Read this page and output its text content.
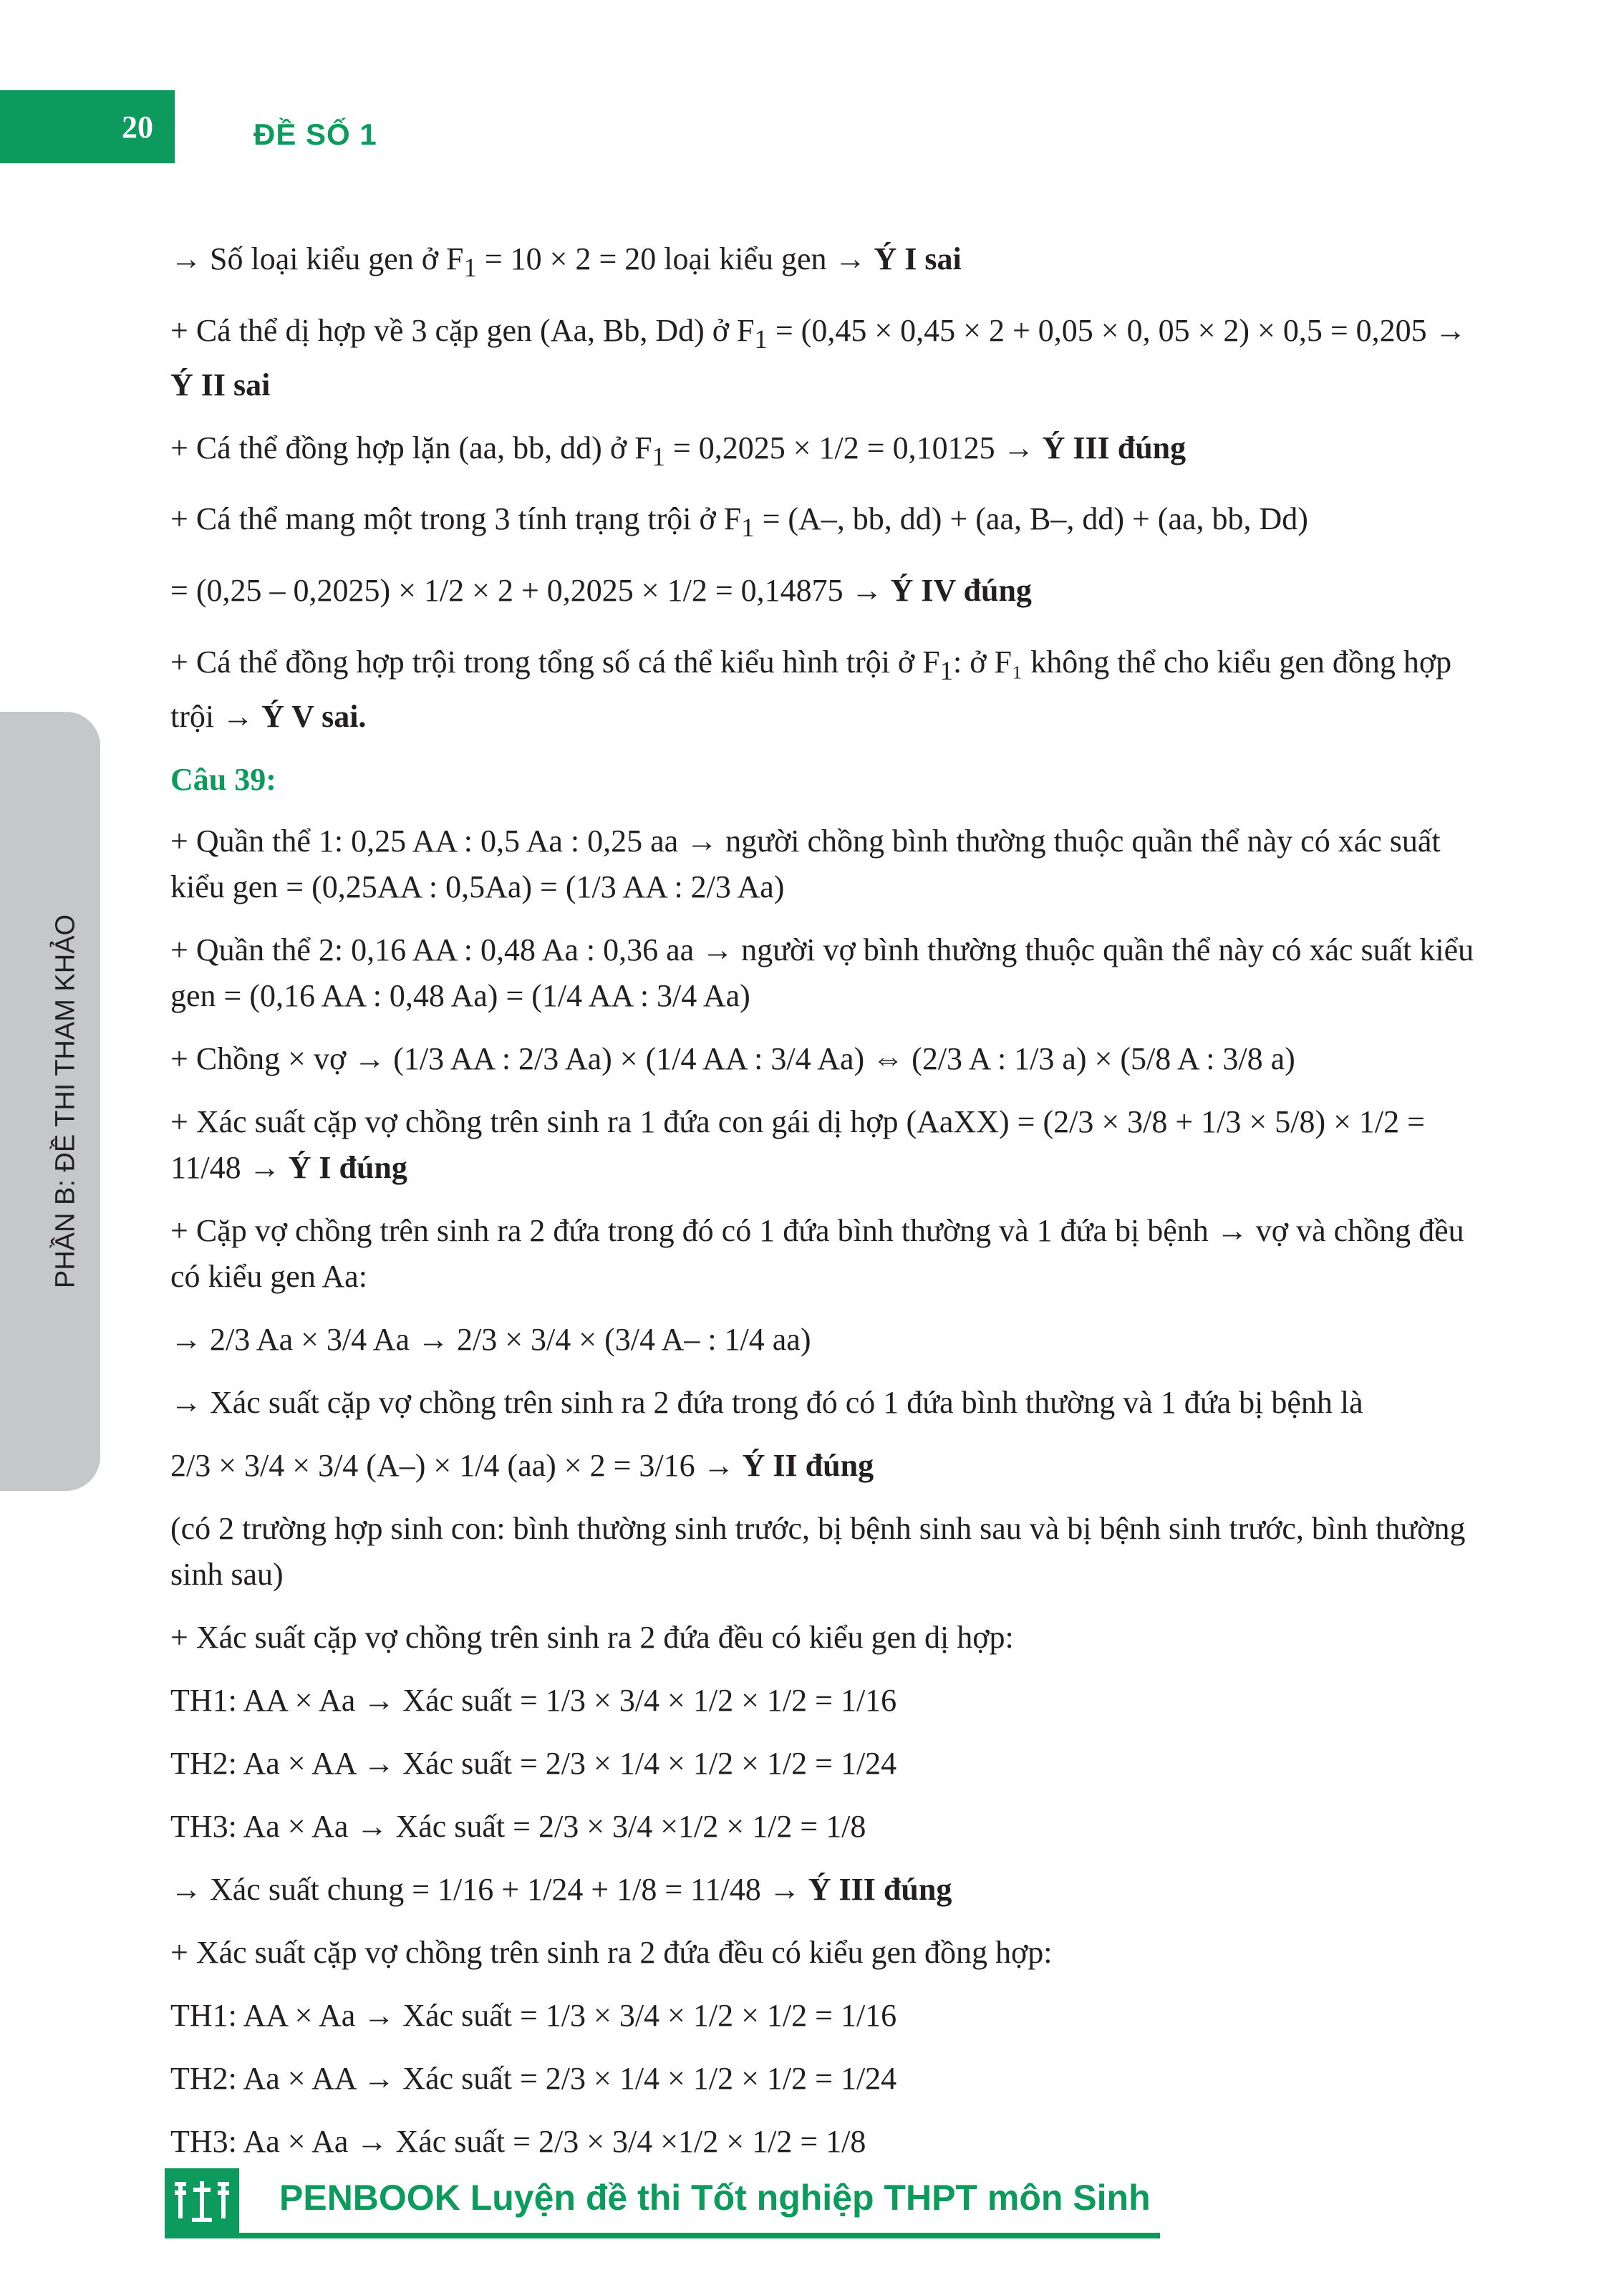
20	ĐỀ SỐ 1
PHẦN B: ĐỀ THI THAM KHẢO

→ Số loại kiểu gen ở $F_1 = 10 \times 2 = 20$ loại kiểu gen → Ý I sai

+ Cá thể dị hợp về 3 cặp gen (Aa, Bb, Dd) ở $F_1 = (0,45 \times 0,45 \times 2 + 0,05 \times 0$, 05 × 2) × 0,5 = 0,205 → Ý II sai

+ Cá thể đồng hợp lặn (aa, bb, dd) ở $F_1 = 0,2025 \times 1/2 = 0,10125$ → Ý III đúng

+ Cá thể mang một trong 3 tính trạng trội ở $F_1 = (A-$, bb, dd) + (aa, B–, dd) + (aa, bb, Dd)

= (0,25 – 0,2025) × 1/2 × 2 + 0,2025 × 1/2 = 0,14875 → Ý IV đúng

+ Cá thể đồng hợp trội trong tổng số cá thể kiểu hình trội ở $F_1$: ở F₁ không thể cho kiểu gen đồng hợp trội → Ý V sai.

Câu 39:

+ Quần thể 1: 0,25 AA : 0,5 Aa : 0,25 aa → người chồng bình thường thuộc quần thể này có xác suất kiểu gen = (0,25AA : 0,5Aa) = (1/3 AA : 2/3 Aa)

+ Quần thể 2: 0,16 AA : 0,48 Aa : 0,36 aa → người vợ bình thường thuộc quần thể này có xác suất kiểu gen = (0,16 AA : 0,48 Aa) = (1/4 AA : 3/4 Aa)

+ Chồng × vợ → (1/3 AA : 2/3 Aa) × (1/4 AA : 3/4 Aa) ⇔ (2/3 A : 1/3 a) × (5/8 A : 3/8 a)

+ Xác suất cặp vợ chồng trên sinh ra 1 đứa con gái dị hợp (AaXX) = (2/3 × 3/8 + 1/3 × 5/8) × 1/2 = 11/48 → Ý I đúng

+ Cặp vợ chồng trên sinh ra 2 đứa trong đó có 1 đứa bình thường và 1 đứa bị bệnh → vợ và chồng đều có kiểu gen Aa:

→ 2/3 Aa × 3/4 Aa → 2/3 × 3/4 × (3/4 A– : 1/4 aa)

→ Xác suất cặp vợ chồng trên sinh ra 2 đứa trong đó có 1 đứa bình thường và 1 đứa bị bệnh là

2/3 × 3/4 × 3/4 (A–) × 1/4 (aa) × 2 = 3/16 → Ý II đúng

(có 2 trường hợp sinh con: bình thường sinh trước, bị bệnh sinh sau và bị bệnh sinh trước, bình thường sinh sau)

+ Xác suất cặp vợ chồng trên sinh ra 2 đứa đều có kiểu gen dị hợp:

TH1: AA × Aa → Xác suất = 1/3 × 3/4 × 1/2 × 1/2 = 1/16

TH2: Aa × AA → Xác suất = 2/3 × 1/4 × 1/2 × 1/2 = 1/24

TH3: Aa × Aa → Xác suất = 2/3 × 3/4 ×1/2 × 1/2 = 1/8

→ Xác suất chung = 1/16 + 1/24 + 1/8 = 11/48 → Ý III đúng

+ Xác suất cặp vợ chồng trên sinh ra 2 đứa đều có kiểu gen đồng hợp:

TH1: AA × Aa → Xác suất = 1/3 × 3/4 × 1/2 × 1/2 = 1/16

TH2: Aa × AA → Xác suất = 2/3 × 1/4 × 1/2 × 1/2 = 1/24

TH3: Aa × Aa → Xác suất = 2/3 × 3/4 ×1/2 × 1/2 = 1/8

PENBOOK Luyện đề thi Tốt nghiệp THPT môn Sinh
